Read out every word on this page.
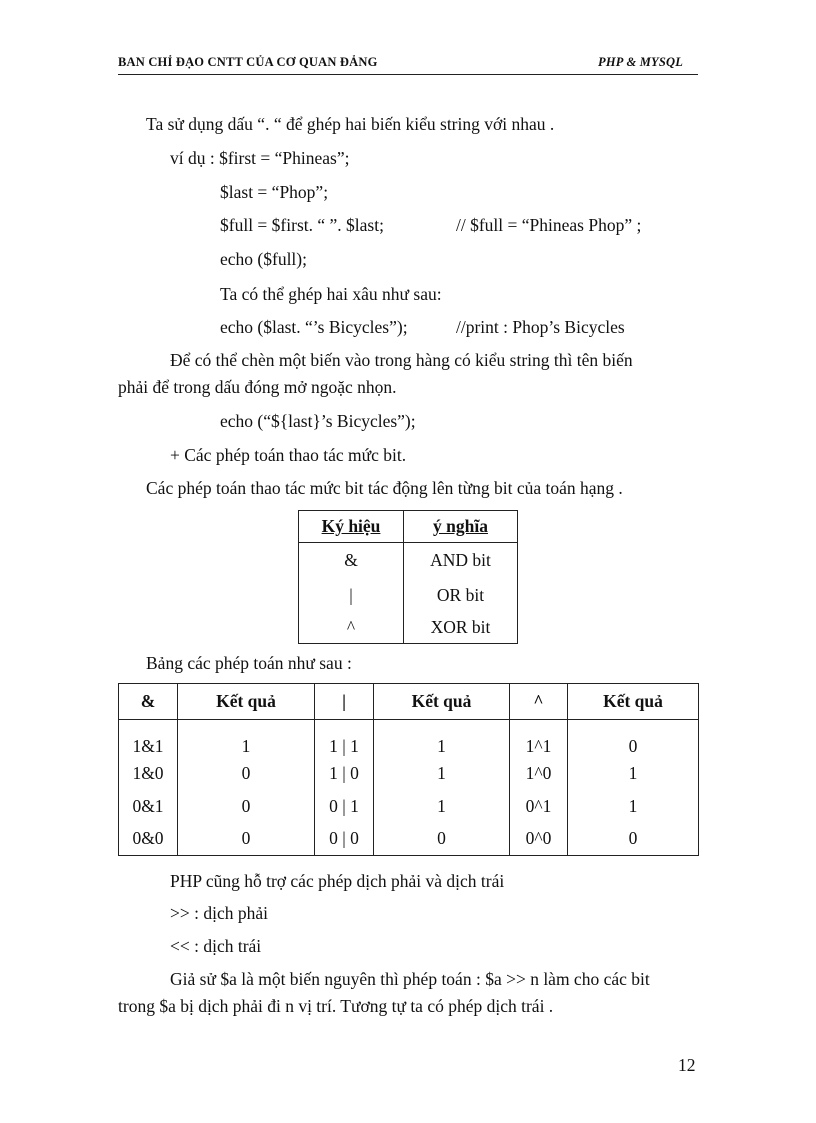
BAN CHỈ ĐẠO CNTT CỦA CƠ QUAN ĐẢNG	PHP & MYSQL
Ta sử dụng dấu “. “ để ghép hai biến kiểu string với nhau .
ví dụ : $first = “Phineas”;
$last = “Phop”;
$full = $first. “ ”. $last;	// $full = “Phineas Phop” ;
echo ($full);
Ta có thể ghép hai xâu như sau:
echo ($last. “’s Bicycles”);	//print : Phop’s Bicycles
Để có thể chèn một biến vào trong hàng có kiểu string thì tên biến
phải để trong dấu đóng mở ngoặc nhọn.
echo (“${last}’s Bicycles”);
+ Các phép toán thao tác mức bit.
Các phép toán thao tác mức bit tác động lên từng bit của toán hạng .
Ký hiệu	ý nghĩa
&	AND bit
|	OR bit
^	XOR bit
Bảng các phép toán như sau :
&	Kết quả	|	Kết quả	^	Kết quả
1&1	1	1 | 1	1	1^1	0
1&0	0	1 | 0	1	1^0	1
0&1	0	0 | 1	1	0^1	1
0&0	0	0 | 0	0	0^0	0
PHP cũng hỗ trợ các phép dịch phải và dịch trái
>> : dịch phải
<< : dịch trái
Giả sử $a là một biến nguyên thì phép toán : $a >> n làm cho các bit
trong $a bị dịch phải đi n vị trí. Tương tự ta có phép dịch trái .
12
